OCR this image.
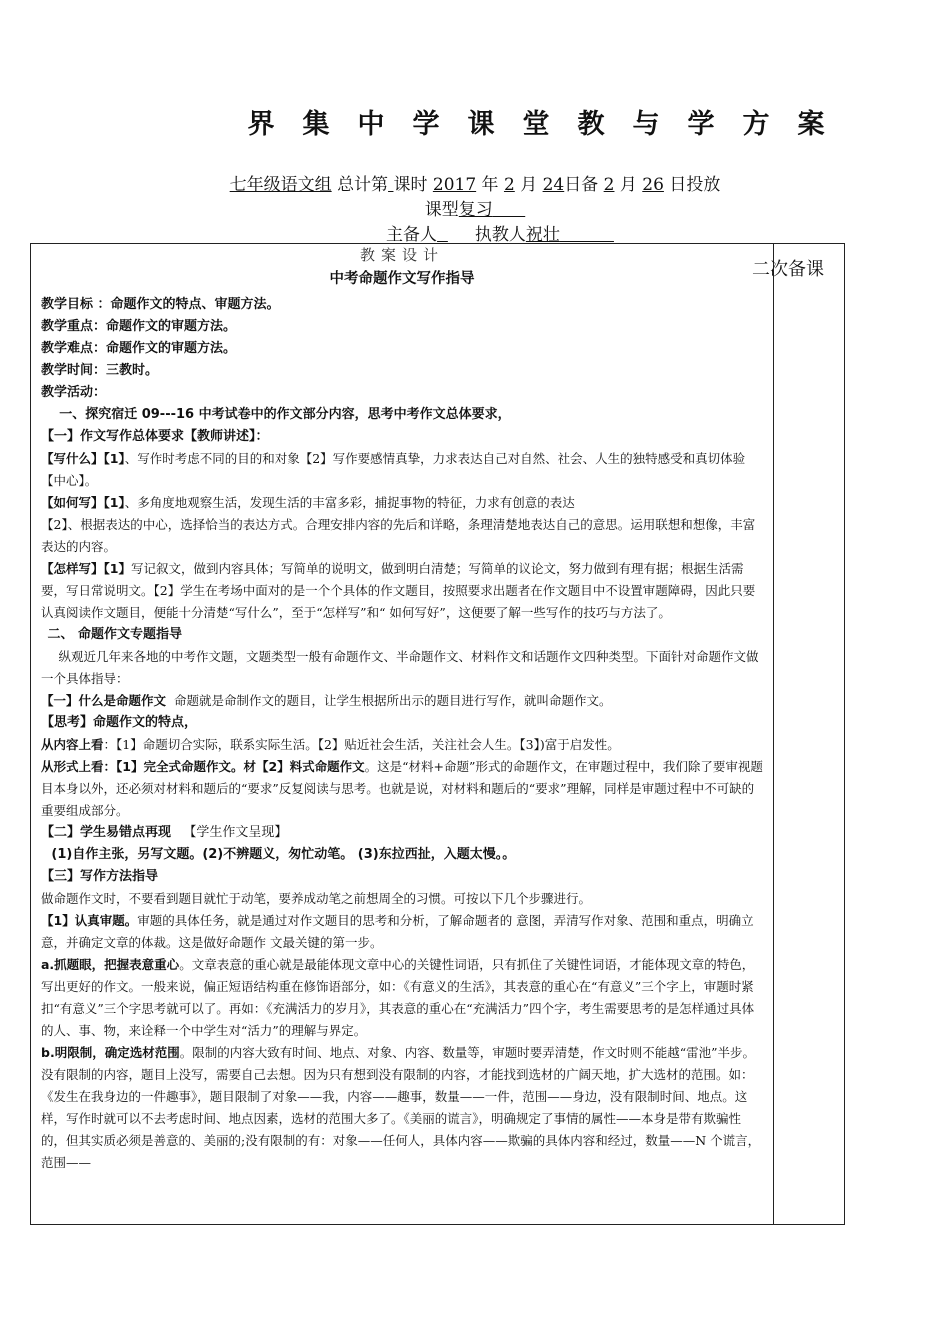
界集中学课堂教与学方案
七年级语文组 总计第 课时 2017 年 2 月 24日备 2 月 26 日投放
课型复习
主备人 执教人祝壮

教案设计

中考命题作文写作指导

教学目标 ：命题作文的特点、审题方法。

教学重点：命题作文的审题方法。

教学难点：命题作文的审题方法。

教学时间：三教时。

教学活动：

一、探究宿迁 09---16 中考试卷中的作文部分内容，思考中考作文总体要求，

【一】作文写作总体要求【教师讲述】：

【写什么】【1】、写作时考虑不同的目的和对象【2】写作要感情真挚，力求表达自己对自然、社会、人生的独特感受和真切体验【中心】。

【如何写】【1】、多角度地观察生活，发现生活的丰富多彩，捕捉事物的特征，力求有创意的表达

【2】、根据表达的中心，选择恰当的表达方式。合理安排内容的先后和详略，条理清楚地表达自己的意思。运用联想和想像，丰富表达的内容。

【怎样写】【1】写记叙文，做到内容具体；写简单的说明文，做到明白清楚；写简单的议论文，努力做到有理有据；根据生活需要，写日常说明文。【2】学生在考场中面对的是一个个具体的作文题目，按照要求出题者在作文题目中不设置审题障碍，因此只要认真阅读作文题目，便能十分清楚“写什么”，至于“怎样写”和“ 如何写好”，这便要了解一些写作的技巧与方法了。

二、 命题作文专题指导

纵观近几年来各地的中考作文题，文题类型一般有命题作文、半命题作文、材料作文和话题作文四种类型。下面针对命题作文做一个具体指导：

【一】什么是命题作文 命题就是命制作文的题目，让学生根据所出示的题目进行写作，就叫命题作文。

【思考】命题作文的特点，

从内容上看：【1】命题切合实际，联系实际生活。【2】贴近社会生活，关注社会人生。【3】)富于启发性。

从形式上看：【1】完全式命题作文。材【2】料式命题作文。这是“材料+命题”形式的命题作文，在审题过程中，我们除了要审视题目本身以外，还必须对材料和题后的“要求”反复阅读与思考。也就是说，对材料和题后的“要求”理解，同样是审题过程中不可缺的重要组成部分。

【二】学生易错点再现 【学生作文呈现】

(1)自作主张，另写文题。(2)不辨题义，匆忙动笔。 (3)东拉西扯，入题太慢。。

【三】写作方法指导

做命题作文时，不要看到题目就忙于动笔，要养成动笔之前想周全的习惯。可按以下几个步骤进行。

【1】认真审题。审题的具体任务，就是通过对作文题目的思考和分析，了解命题者的 意图，弄清写作对象、范围和重点，明确立意，并确定文章的体裁。这是做好命题作 文最关键的第一步。

a.抓题眼，把握表意重心。文章表意的重心就是最能体现文章中心的关键性词语，只有抓住了关键性词语，才能体现文章的特色，写出更好的作文。一般来说，偏正短语结构重在修饰语部分，如：《有意义的生活》，其表意的重心在“有意义”三个字上，审题时紧扣“有意义”三个字思考就可以了。再如：《充满活力的岁月》，其表意的重心在“充满活力”四个字，考生需要思考的是怎样通过具体的人、事、物，来诠释一个中学生对“活力”的理解与界定。

b.明限制，确定选材范围。限制的内容大致有时间、地点、对象、内容、数量等，审题时要弄清楚，作文时则不能越“雷池”半步。没有限制的内容，题目上没写，需要自己去想。因为只有想到没有限制的内容，才能找到选材的广阔天地，扩大选材的范围。如：《发生在我身边的一件趣事》，题目限制了对象——我，内容——趣事，数量——一件，范围——身边，没有限制时间、地点。这样，写作时就可以不去考虑时间、地点因素，选材的范围大多了。《美丽的谎言》，明确规定了事情的属性——本身是带有欺骗性的，但其实质必须是善意的、美丽的;没有限制的有：对象——任何人，具体内容——欺骗的具体内容和经过，数量——N 个谎言，范围——

二次备课
